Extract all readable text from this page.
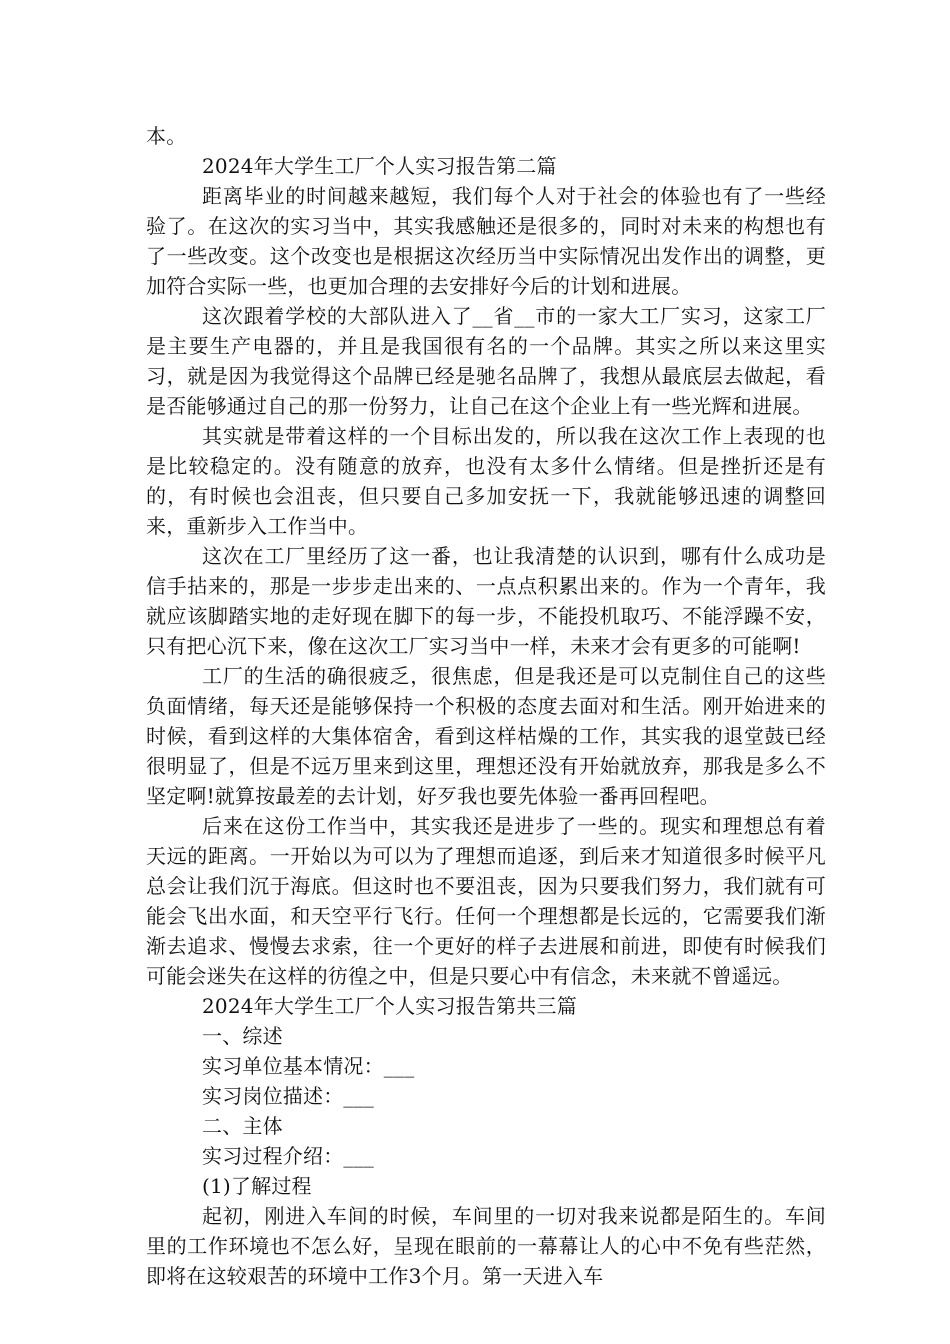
本。

2024年大学生工厂个人实习报告第二篇

距离毕业的时间越来越短，我们每个人对于社会的体验也有了一些经验了。在这次的实习当中，其实我感触还是很多的，同时对未来的构想也有了一些改变。这个改变也是根据这次经历当中实际情况出发作出的调整，更加符合实际一些，也更加合理的去安排好今后的计划和进展。

这次跟着学校的大部队进入了__省__市的一家大工厂实习，这家工厂是主要生产电器的，并且是我国很有名的一个品牌。其实之所以来这里实习，就是因为我觉得这个品牌已经是驰名品牌了，我想从最底层去做起，看是否能够通过自己的那一份努力，让自己在这个企业上有一些光辉和进展。

其实就是带着这样的一个目标出发的，所以我在这次工作上表现的也是比较稳定的。没有随意的放弃，也没有太多什么情绪。但是挫折还是有的，有时候也会沮丧，但只要自己多加安抚一下，我就能够迅速的调整回来，重新步入工作当中。

这次在工厂里经历了这一番，也让我清楚的认识到，哪有什么成功是信手拈来的，那是一步步走出来的、一点点积累出来的。作为一个青年，我就应该脚踏实地的走好现在脚下的每一步，不能投机取巧、不能浮躁不安，只有把心沉下来，像在这次工厂实习当中一样，未来才会有更多的可能啊!

工厂的生活的确很疲乏，很焦虑，但是我还是可以克制住自己的这些负面情绪，每天还是能够保持一个积极的态度去面对和生活。刚开始进来的时候，看到这样的大集体宿舍，看到这样枯燥的工作，其实我的退堂鼓已经很明显了，但是不远万里来到这里，理想还没有开始就放弃，那我是多么不坚定啊!就算按最差的去计划，好歹我也要先体验一番再回程吧。

后来在这份工作当中，其实我还是进步了一些的。现实和理想总有着天远的距离。一开始以为可以为了理想而追逐，到后来才知道很多时候平凡总会让我们沉于海底。但这时也不要沮丧，因为只要我们努力，我们就有可能会飞出水面，和天空平行飞行。任何一个理想都是长远的，它需要我们渐渐去追求、慢慢去求索，往一个更好的样子去进展和前进，即使有时候我们可能会迷失在这样的彷徨之中，但是只要心中有信念，未来就不曾遥远。

2024年大学生工厂个人实习报告第共三篇

一、综述

实习单位基本情况：___

实习岗位描述：___

二、主体

实习过程介绍：___

(1)了解过程

起初，刚进入车间的时候，车间里的一切对我来说都是陌生的。车间里的工作环境也不怎么好，呈现在眼前的一幕幕让人的心中不免有些茫然，即将在这较艰苦的环境中工作3个月。第一天进入车
